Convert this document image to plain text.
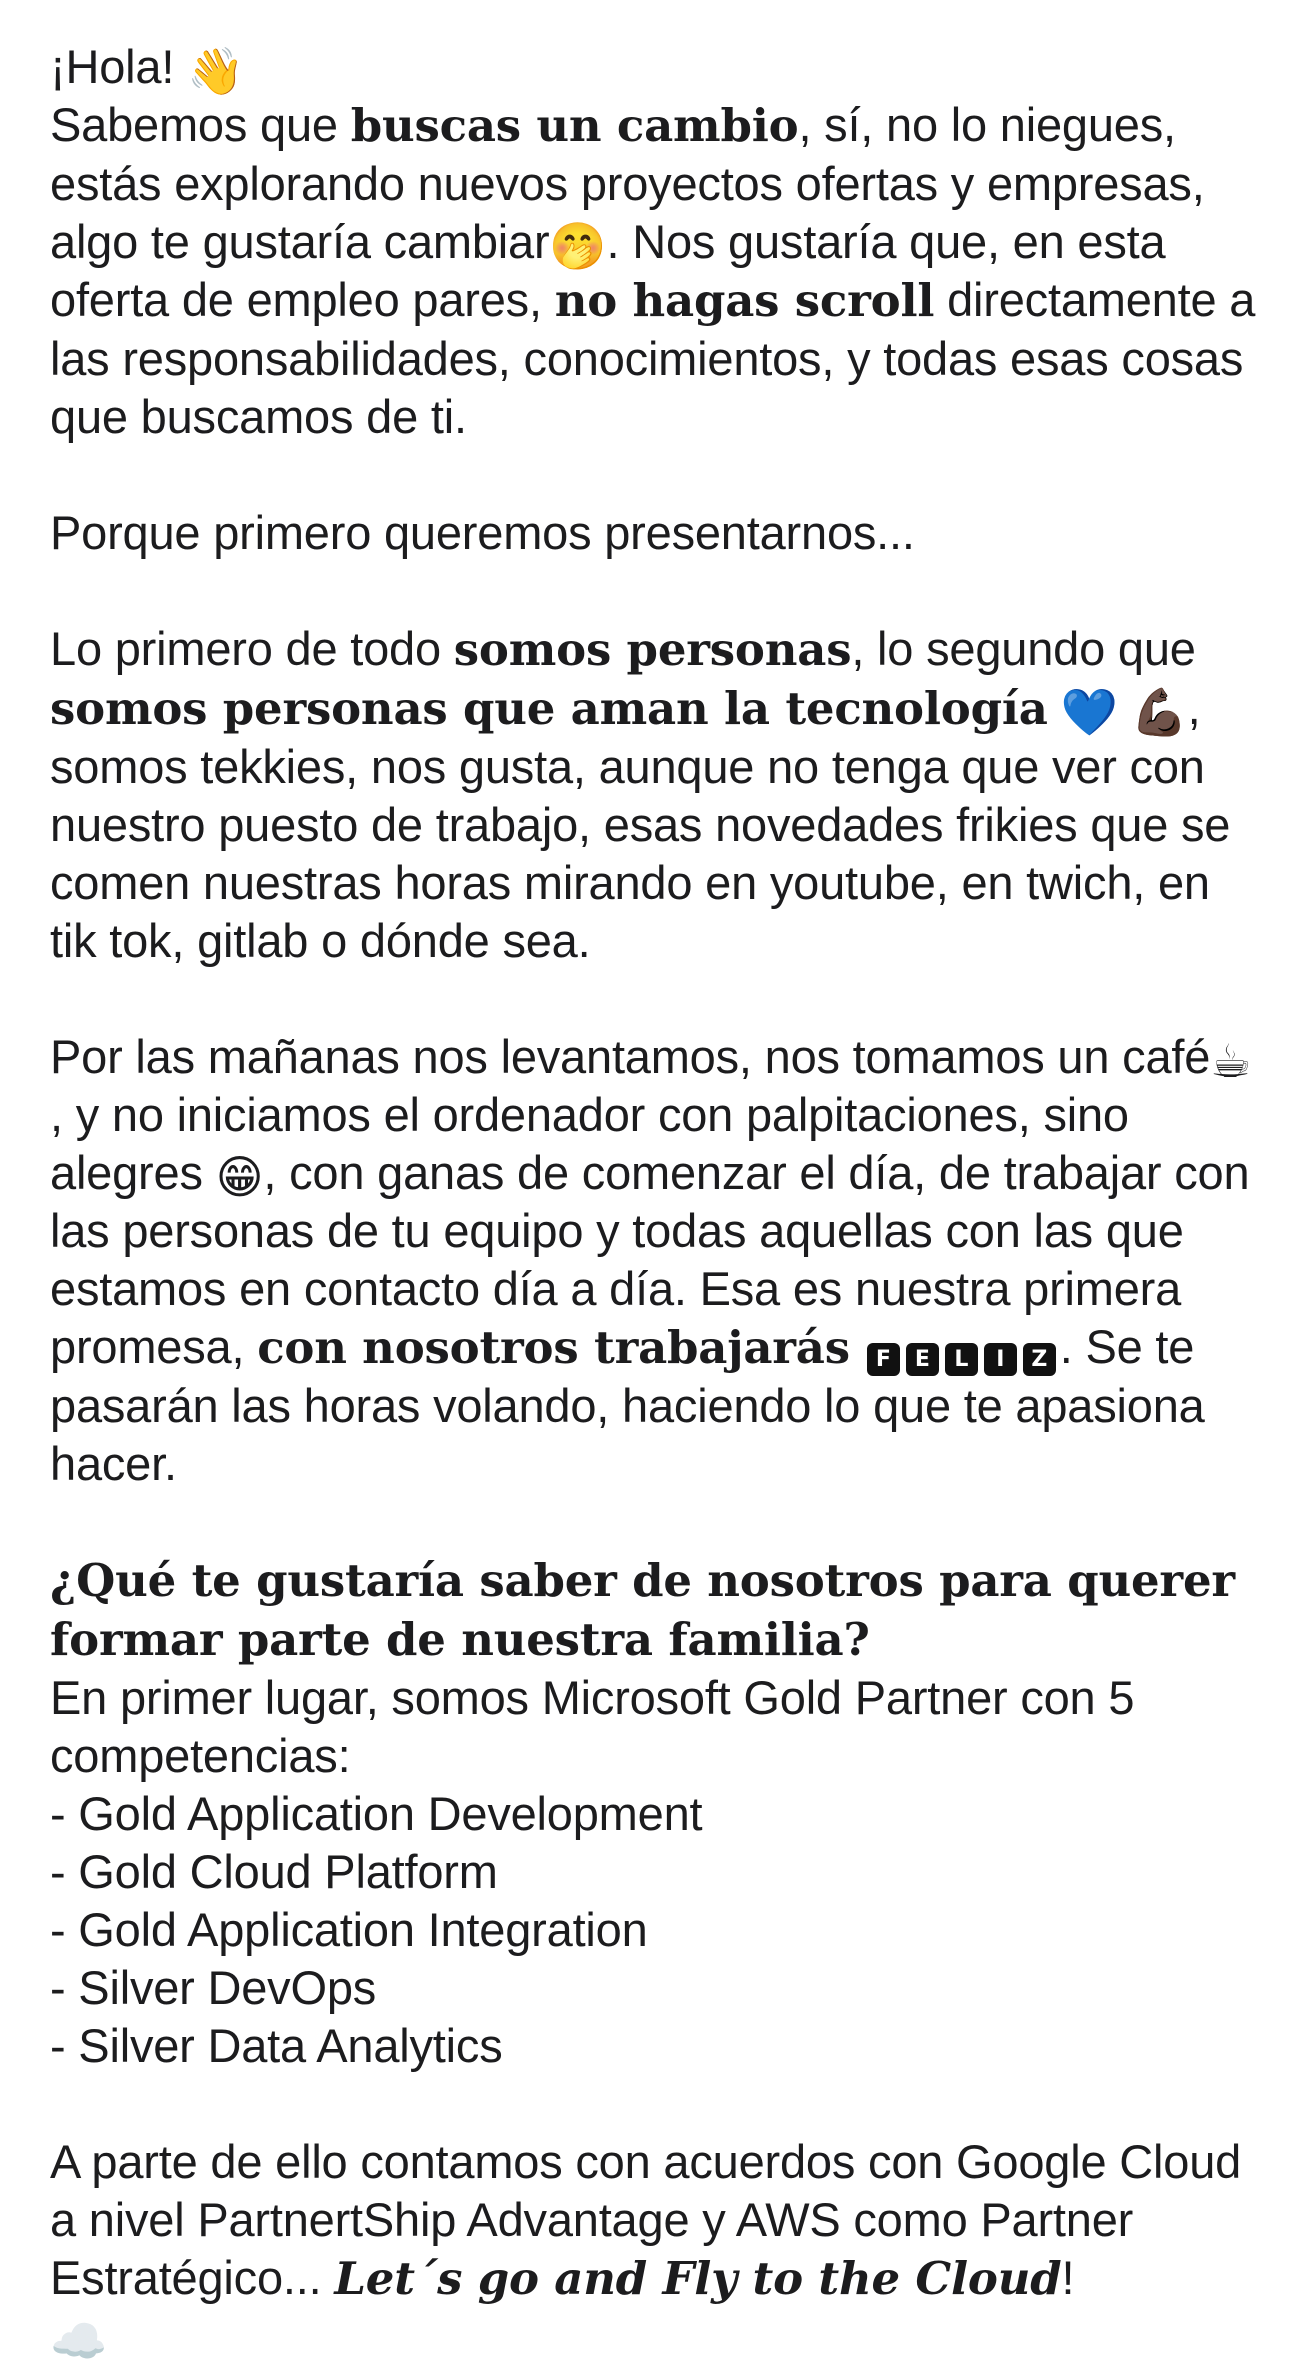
¡Hola! 👋
Sabemos que buscas un cambio, sí, no lo niegues, estás explorando nuevos proyectos ofertas y empresas, algo te gustaría cambiar🤭. Nos gustaría que, en esta oferta de empleo pares, no hagas scroll directamente a las responsabilidades, conocimientos, y todas esas cosas que buscamos de ti.

Porque primero queremos presentarnos...

Lo primero de todo somos personas, lo segundo que
somos personas que aman la tecnología 💙 💪🏿, somos tekkies, nos gusta, aunque no tenga que ver con nuestro puesto de trabajo, esas novedades frikies que se comen nuestras horas mirando en youtube, en twich, en tik tok, gitlab o dónde sea.

Por las mañanas nos levantamos, nos tomamos un café☕, y no iniciamos el ordenador con palpitaciones, sino alegres 😁, con ganas de comenzar el día, de trabajar con las personas de tu equipo y todas aquellas con las que estamos en contacto día a día. Esa es nuestra primera promesa, con nosotros trabajarás	F	E	L	I	Z . Se te pasarán las horas volando, haciendo lo que te apasiona hacer.

¿Qué te gustaría saber de nosotros para querer formar parte de nuestra familia?
En primer lugar, somos Microsoft Gold Partner con 5 competencias:

- Gold Application Development
- Gold Cloud Platform
- Gold Application Integration
- Silver DevOps
- Silver Data Analytics

A parte de ello contamos con acuerdos con Google Cloud a nivel PartnertShip Advantage y AWS como Partner Estratégico... Let´s go and Fly to the Cloud!
☁️
